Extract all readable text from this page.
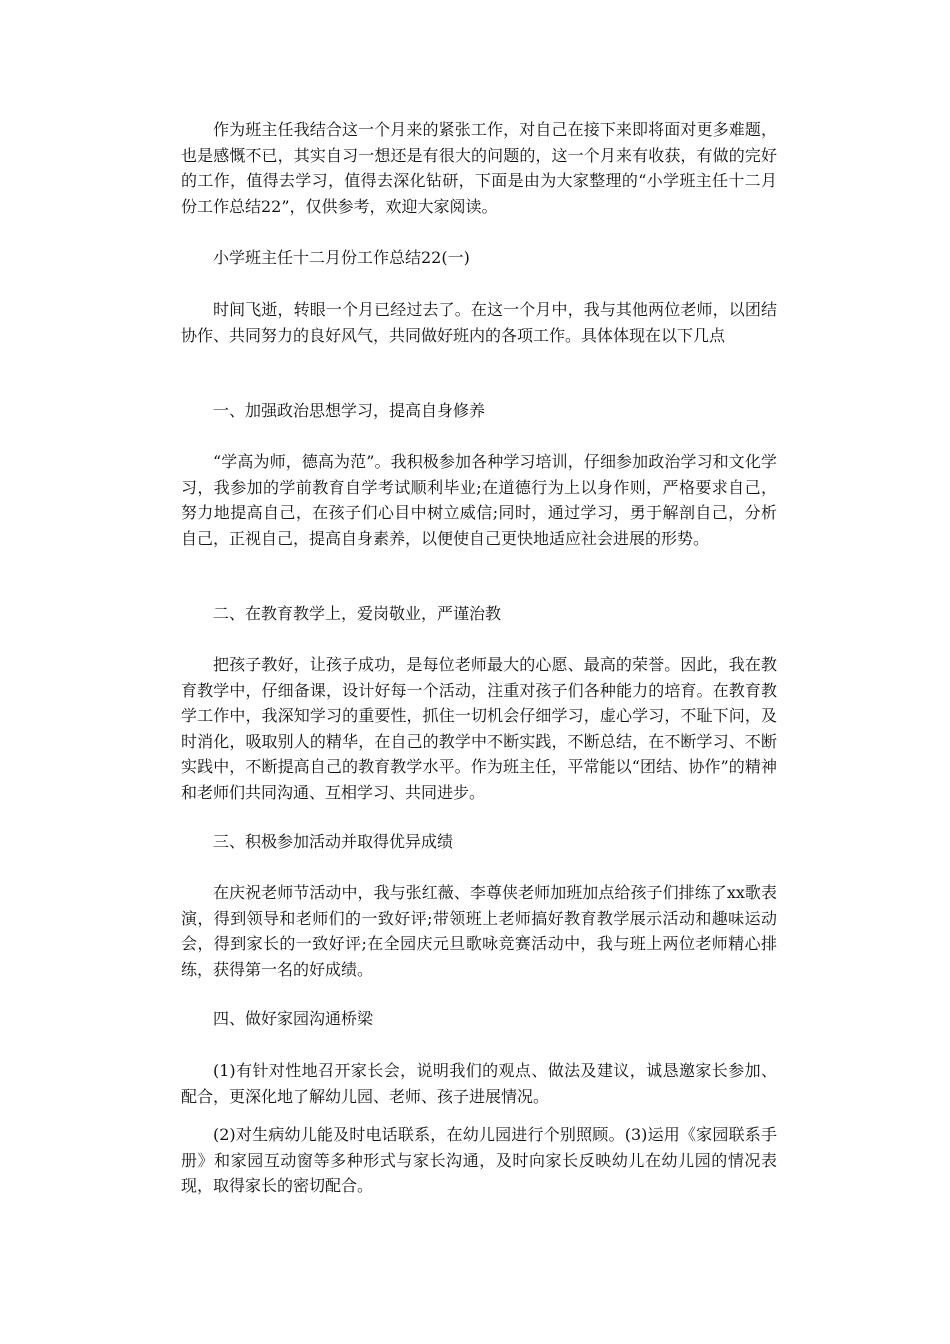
作为班主任我结合这一个月来的紧张工作，对自己在接下来即将面对更多难题，也是感慨不已，其实自习一想还是有很大的问题的，这一个月来有收获，有做的完好的工作，值得去学习，值得去深化钻研，下面是由为大家整理的“小学班主任十二月份工作总结22”，仅供参考，欢迎大家阅读。

小学班主任十二月份工作总结22(一)

时间飞逝，转眼一个月已经过去了。在这一个月中，我与其他两位老师，以团结协作、共同努力的良好风气，共同做好班内的各项工作。具体体现在以下几点

一、加强政治思想学习，提高自身修养

“学高为师，德高为范”。我积极参加各种学习培训，仔细参加政治学习和文化学习，我参加的学前教育自学考试顺利毕业;在道德行为上以身作则，严格要求自己，努力地提高自己，在孩子们心目中树立威信;同时，通过学习，勇于解剖自己，分析自己，正视自己，提高自身素养，以便使自己更快地适应社会进展的形势。

二、在教育教学上，爱岗敬业，严谨治教

把孩子教好，让孩子成功，是每位老师最大的心愿、最高的荣誉。因此，我在教育教学中，仔细备课，设计好每一个活动，注重对孩子们各种能力的培育。在教育教学工作中，我深知学习的重要性，抓住一切机会仔细学习，虚心学习，不耻下问，及时消化，吸取别人的精华，在自己的教学中不断实践，不断总结，在不断学习、不断实践中，不断提高自己的教育教学水平。作为班主任，平常能以“团结、协作”的精神和老师们共同沟通、互相学习、共同进步。

三、积极参加活动并取得优异成绩

在庆祝老师节活动中，我与张红薇、李尊侠老师加班加点给孩子们排练了xx歌表演，得到领导和老师们的一致好评;带领班上老师搞好教育教学展示活动和趣味运动会，得到家长的一致好评;在全园庆元旦歌咏竞赛活动中，我与班上两位老师精心排练，获得第一名的好成绩。

四、做好家园沟通桥梁

(1)有针对性地召开家长会，说明我们的观点、做法及建议，诚恳邀家长参加、配合，更深化地了解幼儿园、老师、孩子进展情况。

(2)对生病幼儿能及时电话联系，在幼儿园进行个别照顾。(3)运用《家园联系手册》和家园互动窗等多种形式与家长沟通，及时向家长反映幼儿在幼儿园的情况表现，取得家长的密切配合。
